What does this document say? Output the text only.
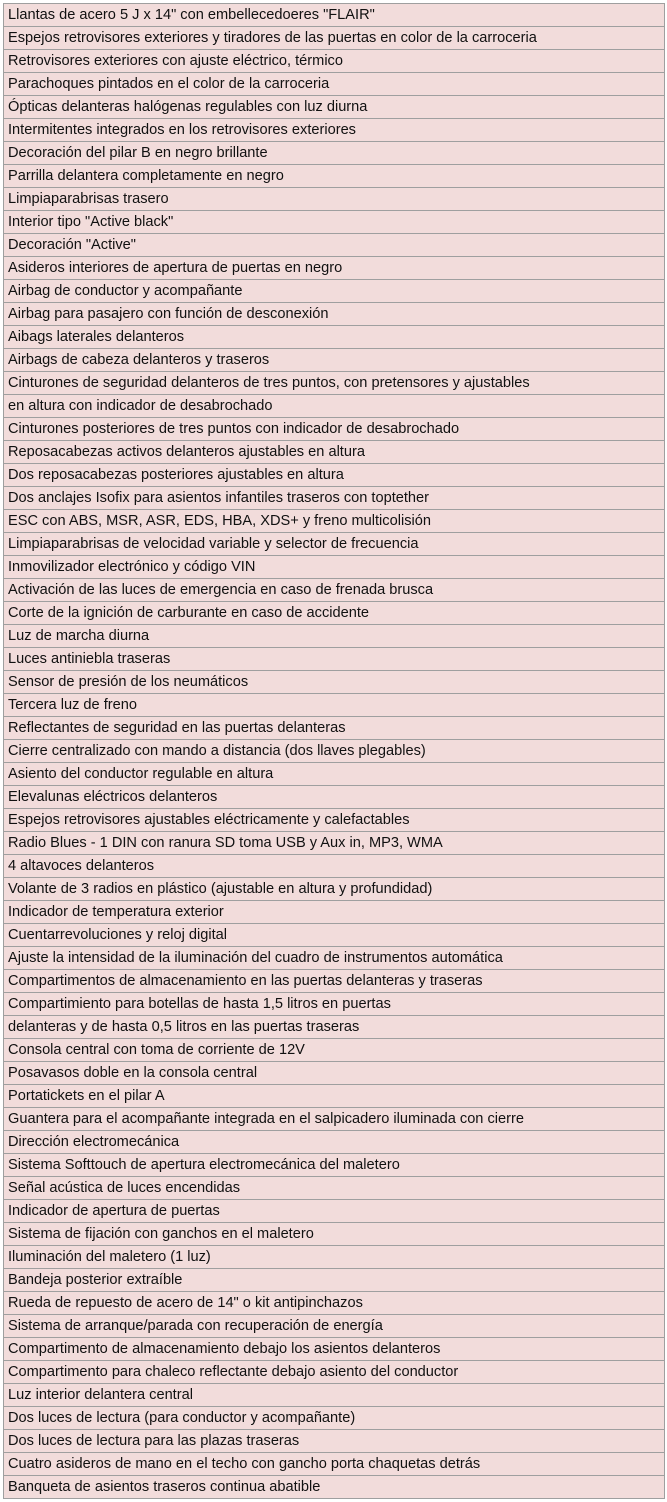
Llantas de acero 5 J x 14" con embellecedoeres "FLAIR"
Espejos retrovisores exteriores y tiradores de las puertas en color de la carroceria
Retrovisores exteriores con ajuste eléctrico, térmico
Parachoques pintados en el color de la carroceria
Ópticas delanteras halógenas regulables con luz diurna
Intermitentes integrados en los retrovisores exteriores
Decoración del pilar B en negro brillante
Parrilla delantera completamente en negro
Limpiaparabrisas trasero
Interior tipo "Active black"
Decoración "Active"
Asideros interiores de apertura de puertas en negro
Airbag de conductor y acompañante
Airbag para pasajero con función de desconexión
Aibags laterales delanteros
Airbags de cabeza delanteros y traseros
Cinturones de seguridad delanteros de tres puntos, con pretensores y ajustables
en altura con indicador de desabrochado
Cinturones posteriores de tres puntos con indicador de desabrochado
Reposacabezas activos delanteros ajustables en altura
Dos reposacabezas posteriores ajustables en altura
Dos anclajes Isofix para asientos infantiles traseros con toptether
ESC con ABS, MSR, ASR, EDS, HBA, XDS+ y freno multicolisión
Limpiaparabrisas de velocidad variable y selector de frecuencia
Inmovilizador electrónico y código VIN
Activación de las luces de emergencia en caso de frenada brusca
Corte de la ignición de carburante en caso de accidente
Luz de marcha diurna
Luces antiniebla traseras
Sensor de presión de los neumáticos
Tercera luz de freno
Reflectantes de seguridad en las puertas delanteras
Cierre centralizado con mando a distancia (dos llaves plegables)
Asiento del conductor regulable en altura
Elevalunas eléctricos delanteros
Espejos retrovisores ajustables eléctricamente y calefactables
Radio Blues - 1 DIN con ranura SD toma USB y Aux in, MP3, WMA
4 altavoces delanteros
Volante de 3 radios en plástico (ajustable en altura y profundidad)
Indicador de temperatura exterior
Cuentarrevoluciones y reloj digital
Ajuste la intensidad de la iluminación del cuadro de instrumentos automática
Compartimentos de almacenamiento en las puertas delanteras y traseras
Compartimiento para botellas de hasta 1,5 litros en puertas
delanteras y de hasta 0,5 litros en las puertas traseras
Consola central con toma de corriente de 12V
Posavasos doble en la consola central
Portatickets en el pilar A
Guantera para el acompañante integrada en el salpicadero iluminada con cierre
Dirección electromecánica
Sistema Softtouch de apertura electromecánica del maletero
Señal acústica de luces encendidas
Indicador de apertura de puertas
Sistema de fijación con ganchos en el maletero
Iluminación del maletero (1 luz)
Bandeja posterior extraíble
Rueda de repuesto de acero de 14" o kit antipinchazos
Sistema de arranque/parada con recuperación de energía
Compartimento de almacenamiento debajo los asientos delanteros
Compartimento para chaleco reflectante debajo asiento del conductor
Luz interior delantera central
Dos luces de lectura (para conductor y acompañante)
Dos luces de lectura para las plazas traseras
Cuatro asideros de mano en el techo con gancho porta chaquetas detrás
Banqueta de asientos traseros continua abatible
